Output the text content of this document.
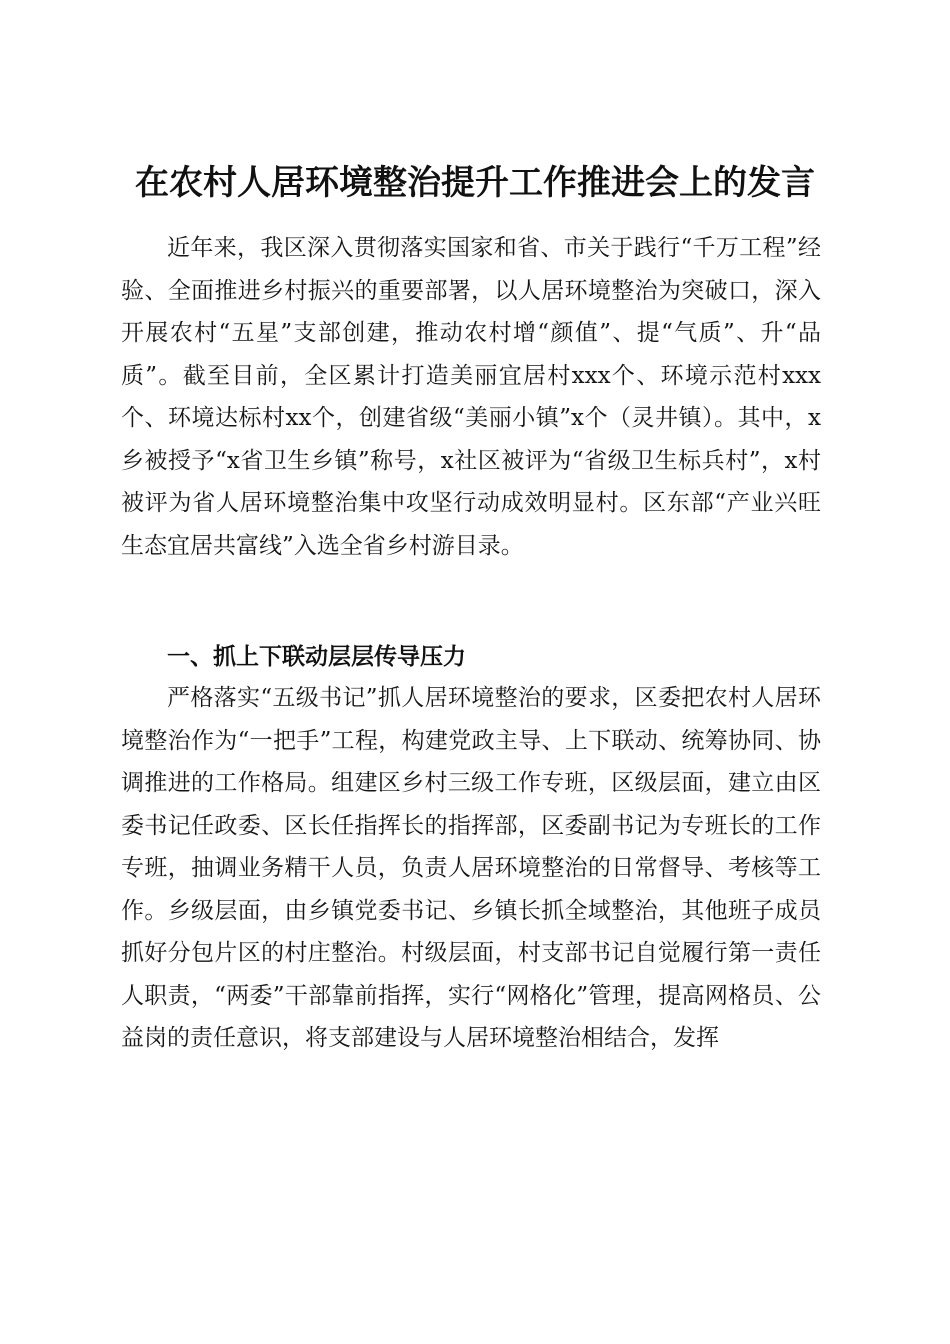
在农村人居环境整治提升工作推进会上的发言

近年来，我区深入贯彻落实国家和省、市关于践行“千万工程”经验、全面推进乡村振兴的重要部署，以人居环境整治为突破口，深入开展农村“五星”支部创建，推动农村增“颜值”、提“气质”、升“品质”。截至目前，全区累计打造美丽宜居村xxx个、环境示范村xxx个、环境达标村xx个，创建省级“美丽小镇”x个（灵井镇）。其中，x乡被授予“x省卫生乡镇”称号，x社区被评为“省级卫生标兵村”，x村被评为省人居环境整治集中攻坚行动成效明显村。区东部“产业兴旺生态宜居共富线”入选全省乡村游目录。

一、抓上下联动层层传导压力

严格落实“五级书记”抓人居环境整治的要求，区委把农村人居环境整治作为“一把手”工程，构建党政主导、上下联动、统筹协同、协调推进的工作格局。组建区乡村三级工作专班，区级层面，建立由区委书记任政委、区长任指挥长的指挥部，区委副书记为专班长的工作专班，抽调业务精干人员，负责人居环境整治的日常督导、考核等工作。乡级层面，由乡镇党委书记、乡镇长抓全域整治，其他班子成员抓好分包片区的村庄整治。村级层面，村支部书记自觉履行第一责任人职责，“两委”干部靠前指挥，实行“网格化”管理，提高网格员、公益岗的责任意识，将支部建设与人居环境整治相结合，发挥
